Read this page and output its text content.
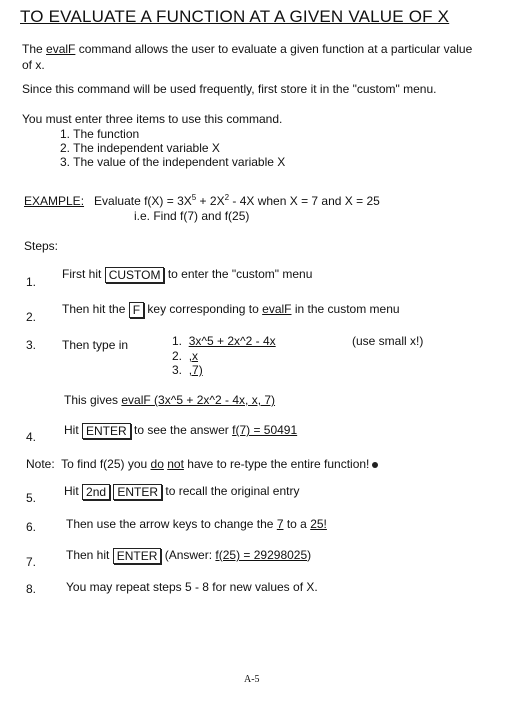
TO EVALUATE A FUNCTION AT A GIVEN VALUE OF X
The evalF command allows the user to evaluate a given function at a particular value
of x.
Since this command will be used frequently, first store it in the "custom" menu.
You must enter three items to use this command.
1. The function
2. The independent variable X
3. The value of the independent variable X
EXAMPLE: Evaluate $f(X) = 3X^5 + 2X^2 - 4X$ when X = 7 and X = 25
i.e. Find f(7) and f(25)
Steps:
1.
First hit CUSTOM to enter the "custom" menu
2.
Then hit the F key corresponding to evalF in the custom menu
3. Then type in	1. 3x^5 + 2x^2 - 4x
2. ,x
3. ,7)
(use small x!)
This gives evalF (3x^5 + 2x^2 - 4x, x, 7)
4. Hit ENTER to see the answer f(7) = 50491
Note: To find f(25) you do not have to re-type the entire function!
5. Hit 2nd ENTER to recall the original entry
6. Then use the arrow keys to change the 7 to a 25!
7. Then hit ENTER (Answer: f(25) = 29298025)
8. You may repeat steps 5 - 8 for new values of X.
A-5
